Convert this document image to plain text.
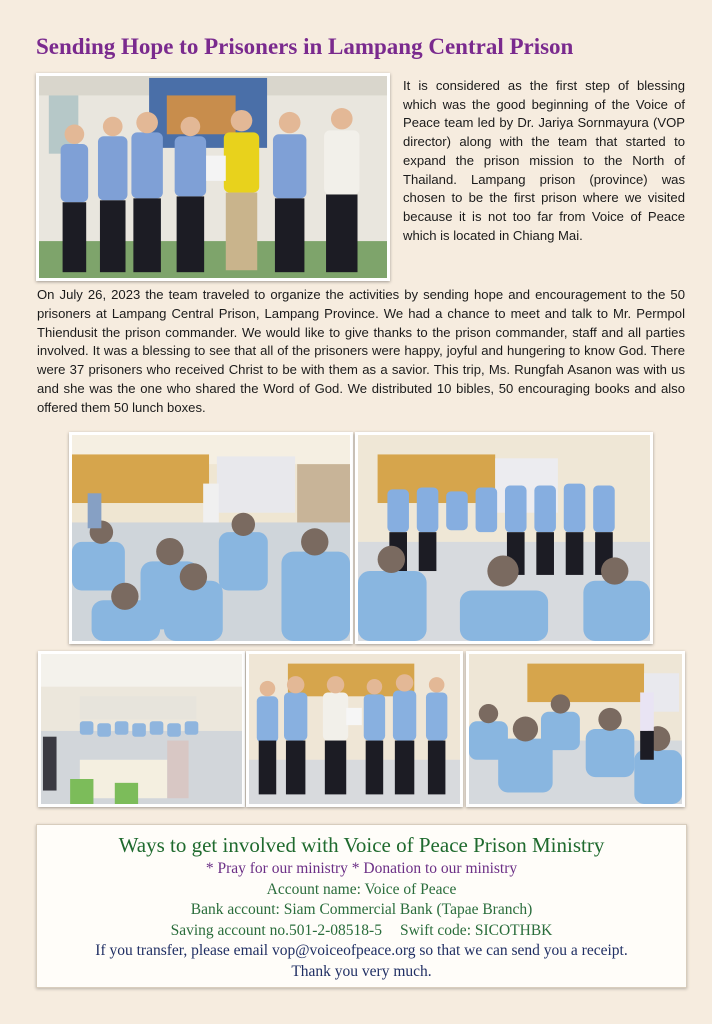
Sending Hope to Prisoners in Lampang Central Prison

It is considered as the first step of blessing which was the good beginning of the Voice of Peace team led by Dr. Jariya Sornmayura (VOP director) along with the team that started to expand the prison mission to the North of Thailand. Lampang prison (province) was chosen to be the first prison where we visited because it is not too far from Voice of Peace which is located in Chiang Mai.

On July 26, 2023 the team traveled to organize the activities by sending hope and encouragement to the 50 prisoners at Lampang Central Prison, Lampang Province. We had a chance to meet and talk to Mr. Permpol Thiendusit the prison commander. We would like to give thanks to the prison commander, staff and all parties involved. It was a blessing to see that all of the prisoners were happy, joyful and hungering to know God. There were 37 prisoners who received Christ to be with them as a savior. This trip, Ms. Rungfah Asanon was with us and she was the one who shared the Word of God. We distributed 10 bibles, 50 encouraging books and also offered them 50 lunch boxes.

Ways to get involved with Voice of Peace Prison Ministry
* Pray for our ministry * Donation to our ministry
Account name: Voice of Peace
Bank account: Siam Commercial Bank (Tapae Branch)
Saving account no.501-2-08518-5 Swift code: SICOTHBK
If you transfer, please email vop@voiceofpeace.org so that we can send you a receipt.
Thank you very much.
